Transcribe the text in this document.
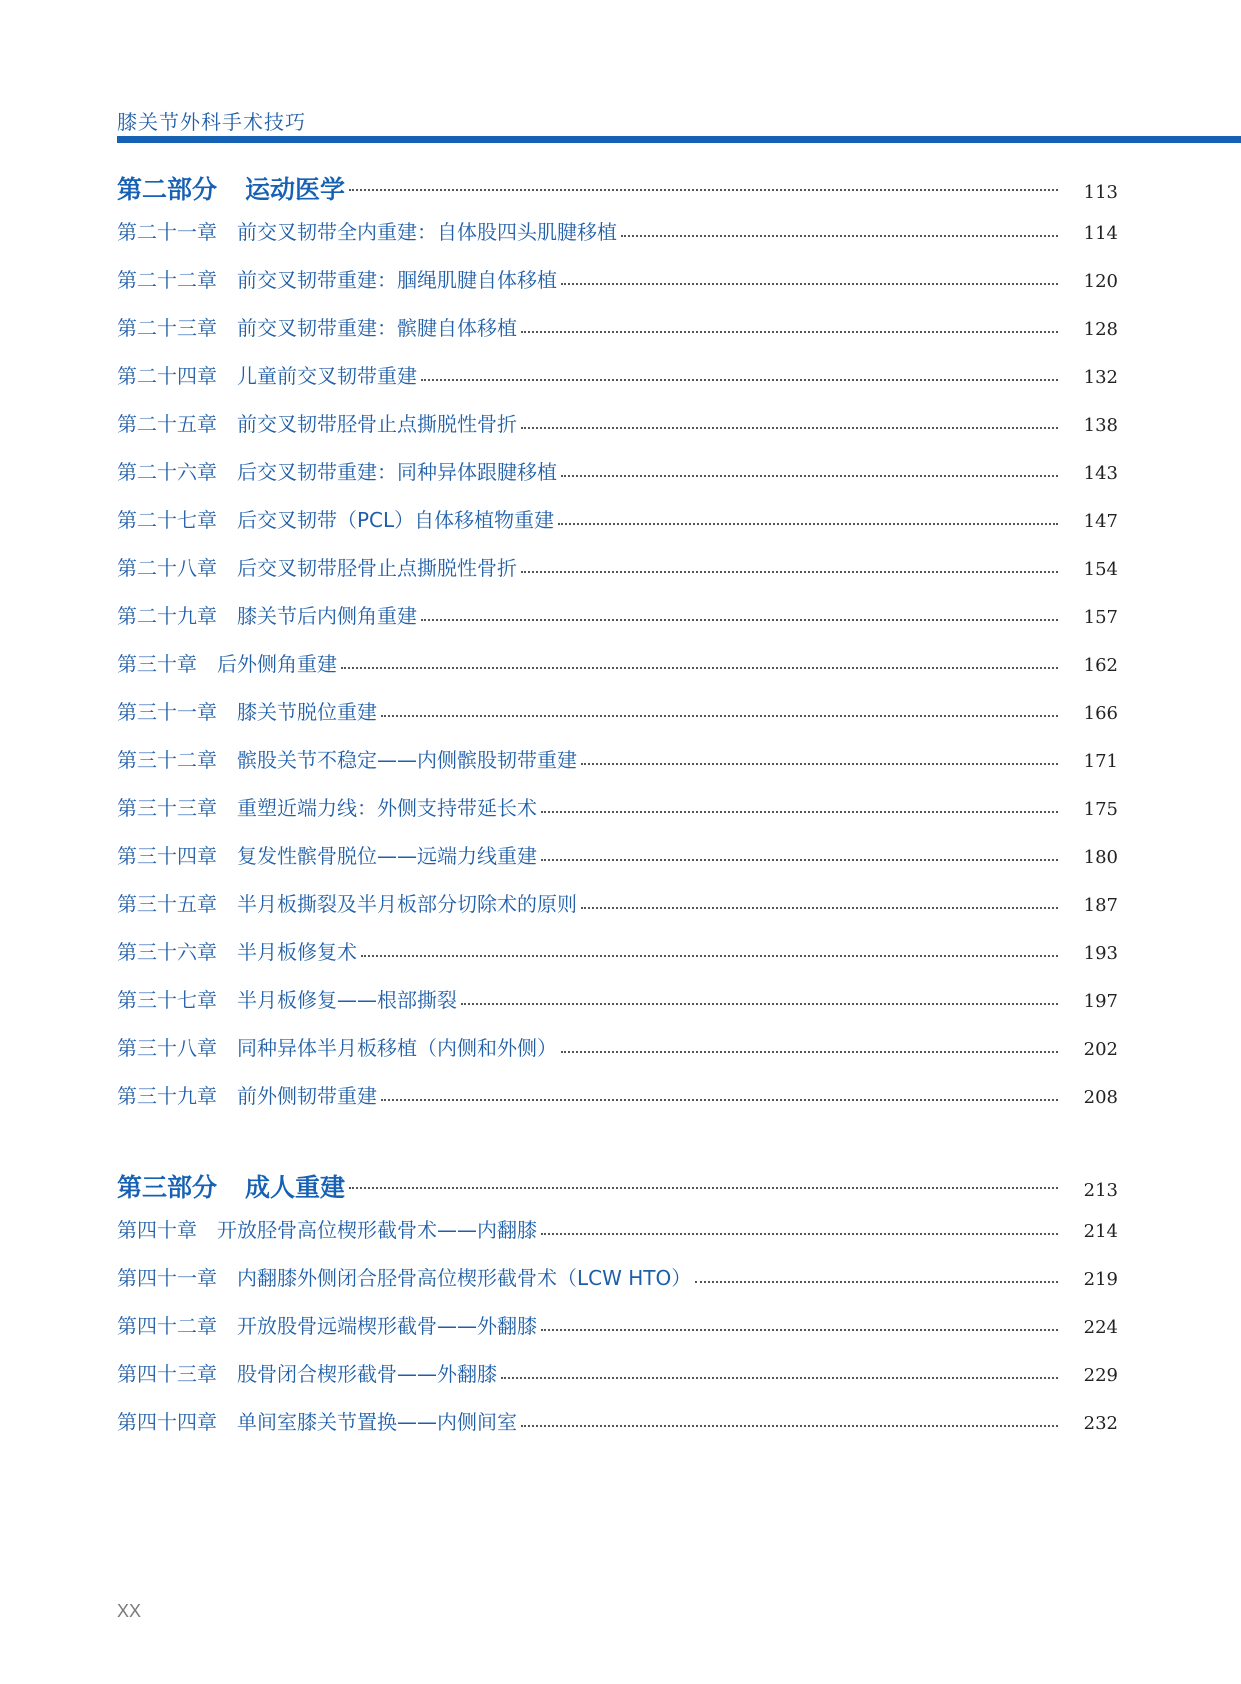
膝关节外科手术技巧
第二部分 运动医学	113
第二十一章 前交叉韧带全内重建：自体股四头肌腱移植	114
第二十二章 前交叉韧带重建：腘绳肌腱自体移植	120
第二十三章 前交叉韧带重建：髌腱自体移植	128
第二十四章 儿童前交叉韧带重建	132
第二十五章 前交叉韧带胫骨止点撕脱性骨折	138
第二十六章 后交叉韧带重建：同种异体跟腱移植	143
第二十七章 后交叉韧带（PCL）自体移植物重建	147
第二十八章 后交叉韧带胫骨止点撕脱性骨折	154
第二十九章 膝关节后内侧角重建	157
第三十章 后外侧角重建	162
第三十一章 膝关节脱位重建	166
第三十二章 髌股关节不稳定——内侧髌股韧带重建	171
第三十三章 重塑近端力线：外侧支持带延长术	175
第三十四章 复发性髌骨脱位——远端力线重建	180
第三十五章 半月板撕裂及半月板部分切除术的原则	187
第三十六章 半月板修复术	193
第三十七章 半月板修复——根部撕裂	197
第三十八章 同种异体半月板移植（内侧和外侧）	202
第三十九章 前外侧韧带重建	208
第三部分 成人重建	213
第四十章 开放胫骨高位楔形截骨术——内翻膝	214
第四十一章 内翻膝外侧闭合胫骨高位楔形截骨术（LCW HTO）	219
第四十二章 开放股骨远端楔形截骨——外翻膝	224
第四十三章 股骨闭合楔形截骨——外翻膝	229
第四十四章 单间室膝关节置换——内侧间室	232
XX
